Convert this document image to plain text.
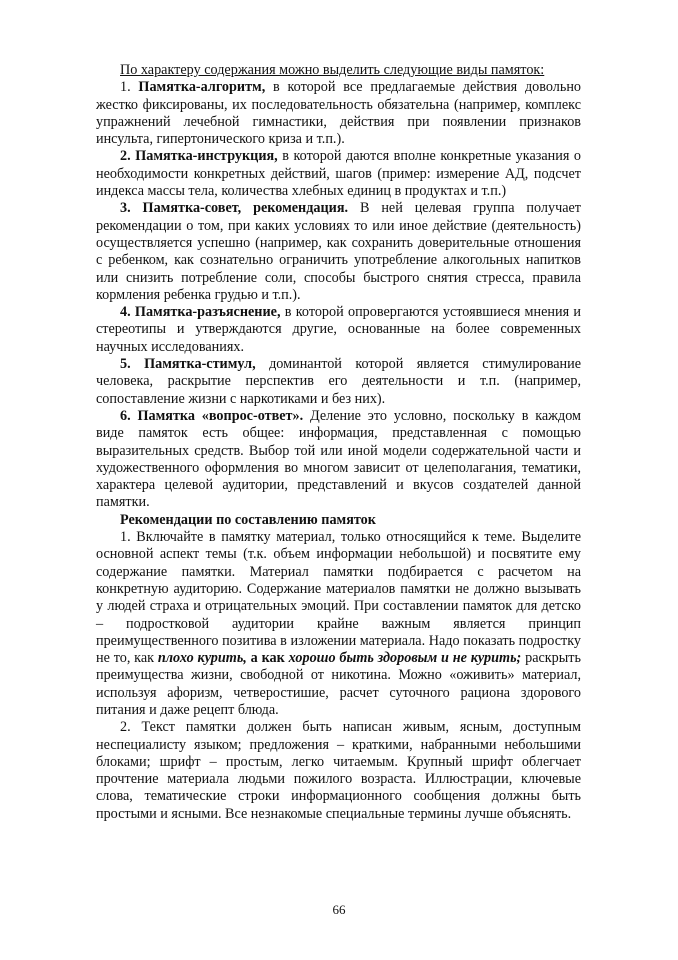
По характеру содержания можно выделить следующие виды памяток:

1. Памятка-алгоритм, в которой все предлагаемые действия довольно жестко фиксированы, их последовательность обязательна (например, комплекс упражнений лечебной гимнастики, действия при появлении признаков инсульта, гипертонического криза и т.п.).

2. Памятка-инструкция, в которой даются вполне конкретные указания о необходимости конкретных действий, шагов (пример: измерение АД, подсчет индекса массы тела, количества хлебных единиц в продуктах и т.п.)

3. Памятка-совет, рекомендация. В ней целевая группа получает рекомендации о том, при каких условиях то или иное действие (деятельность) осуществляется успешно (например, как сохранить доверительные отношения с ребенком, как сознательно ограничить употребление алкогольных напитков или снизить потребление соли, способы быстрого снятия стресса, правила кормления ребенка грудью и т.п.).

4. Памятка-разъяснение, в которой опровергаются устоявшиеся мнения и стереотипы и утверждаются другие, основанные на более современных научных исследованиях.

5. Памятка-стимул, доминантой которой является стимулирование человека, раскрытие перспектив его деятельности и т.п. (например, сопоставление жизни с наркотиками и без них).

6. Памятка «вопрос-ответ». Деление это условно, поскольку в каждом виде памяток есть общее: информация, представленная с помощью выразительных средств. Выбор той или иной модели содержательной части и художественного оформления во многом зависит от целеполагания, тематики, характера целевой аудитории, представлений и вкусов создателей данной памятки.

Рекомендации по составлению памяток

1. Включайте в памятку материал, только относящийся к теме. Выделите основной аспект темы (т.к. объем информации небольшой) и посвятите ему содержание памятки. Материал памятки подбирается с расчетом на конкретную аудиторию. Содержание материалов памятки не должно вызывать у людей страха и отрицательных эмоций. При составлении памяток для детско – подростковой аудитории крайне важным является принцип преимущественного позитива в изложении материала. Надо показать подростку не то, как плохо курить, а как хорошо быть здоровым и не курить; раскрыть преимущества жизни, свободной от никотина. Можно «оживить» материал, используя афоризм, четверостишие, расчет суточного рациона здорового питания и даже рецепт блюда.

2. Текст памятки должен быть написан живым, ясным, доступным неспециалисту языком; предложения – краткими, набранными небольшими блоками; шрифт – простым, легко читаемым. Крупный шрифт облегчает прочтение материала людьми пожилого возраста. Иллюстрации, ключевые слова, тематические строки информационного сообщения должны быть простыми и ясными. Все незнакомые специальные термины лучше объяснять.

66
